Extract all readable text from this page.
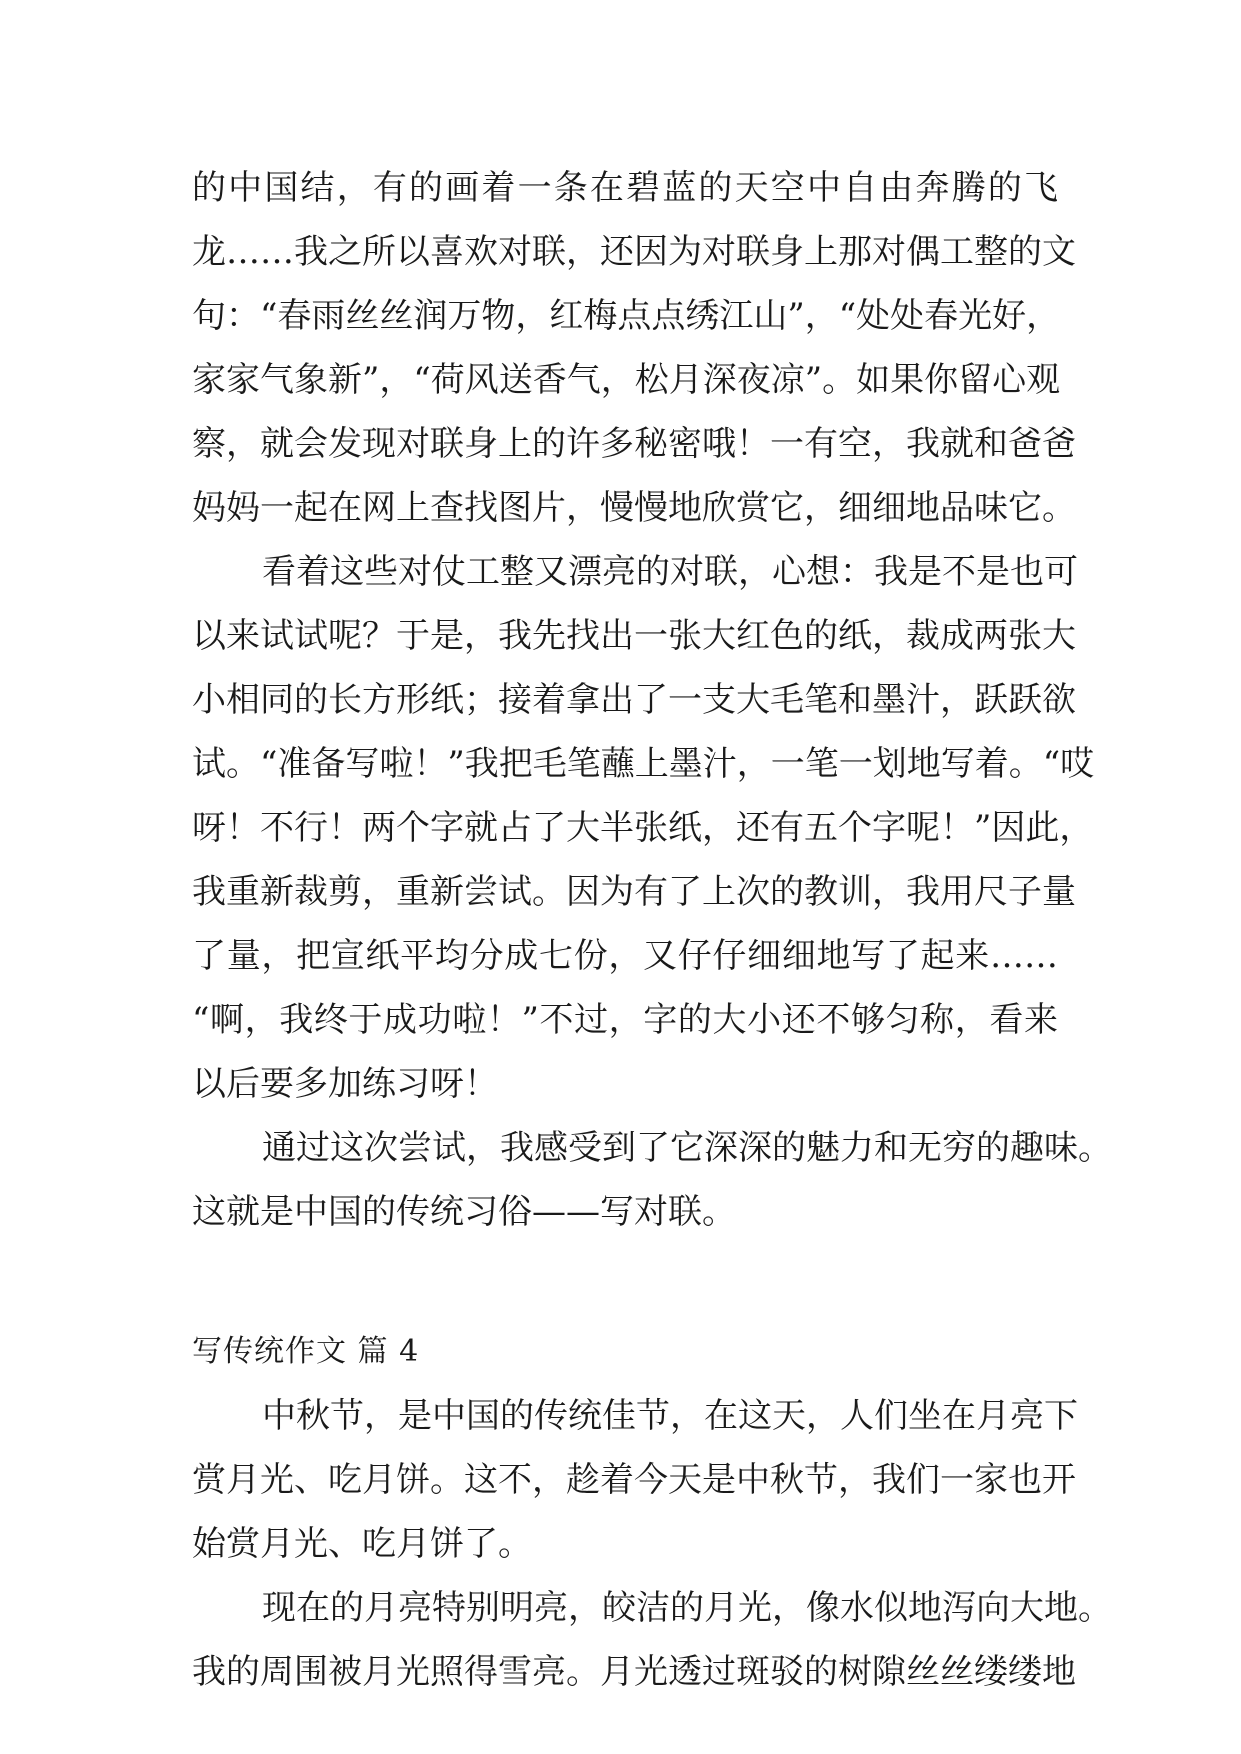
的中国结，有的画着一条在碧蓝的天空中自由奔腾的飞
龙……我之所以喜欢对联，还因为对联身上那对偶工整的文
句：“春雨丝丝润万物，红梅点点绣江山”，“处处春光好，
家家气象新”，“荷风送香气，松月深夜凉”。如果你留心观
察，就会发现对联身上的许多秘密哦！一有空，我就和爸爸
妈妈一起在网上查找图片，慢慢地欣赏它，细细地品味它。
看着这些对仗工整又漂亮的对联，心想：我是不是也可
以来试试呢？于是，我先找出一张大红色的纸，裁成两张大
小相同的长方形纸；接着拿出了一支大毛笔和墨汁，跃跃欲
试。“准备写啦！”我把毛笔蘸上墨汁，一笔一划地写着。“哎
呀！不行！两个字就占了大半张纸，还有五个字呢！”因此，
我重新裁剪，重新尝试。因为有了上次的教训，我用尺子量
了量，把宣纸平均分成七份，又仔仔细细地写了起来……
“啊，我终于成功啦！”不过，字的大小还不够匀称，看来
以后要多加练习呀！
通过这次尝试，我感受到了它深深的魅力和无穷的趣味。
这就是中国的传统习俗——写对联。
写传统作文 篇 4
中秋节，是中国的传统佳节，在这天，人们坐在月亮下
赏月光、吃月饼。这不，趁着今天是中秋节，我们一家也开
始赏月光、吃月饼了。
现在的月亮特别明亮，皎洁的月光，像水似地泻向大地。
我的周围被月光照得雪亮。月光透过斑驳的树隙丝丝缕缕地
